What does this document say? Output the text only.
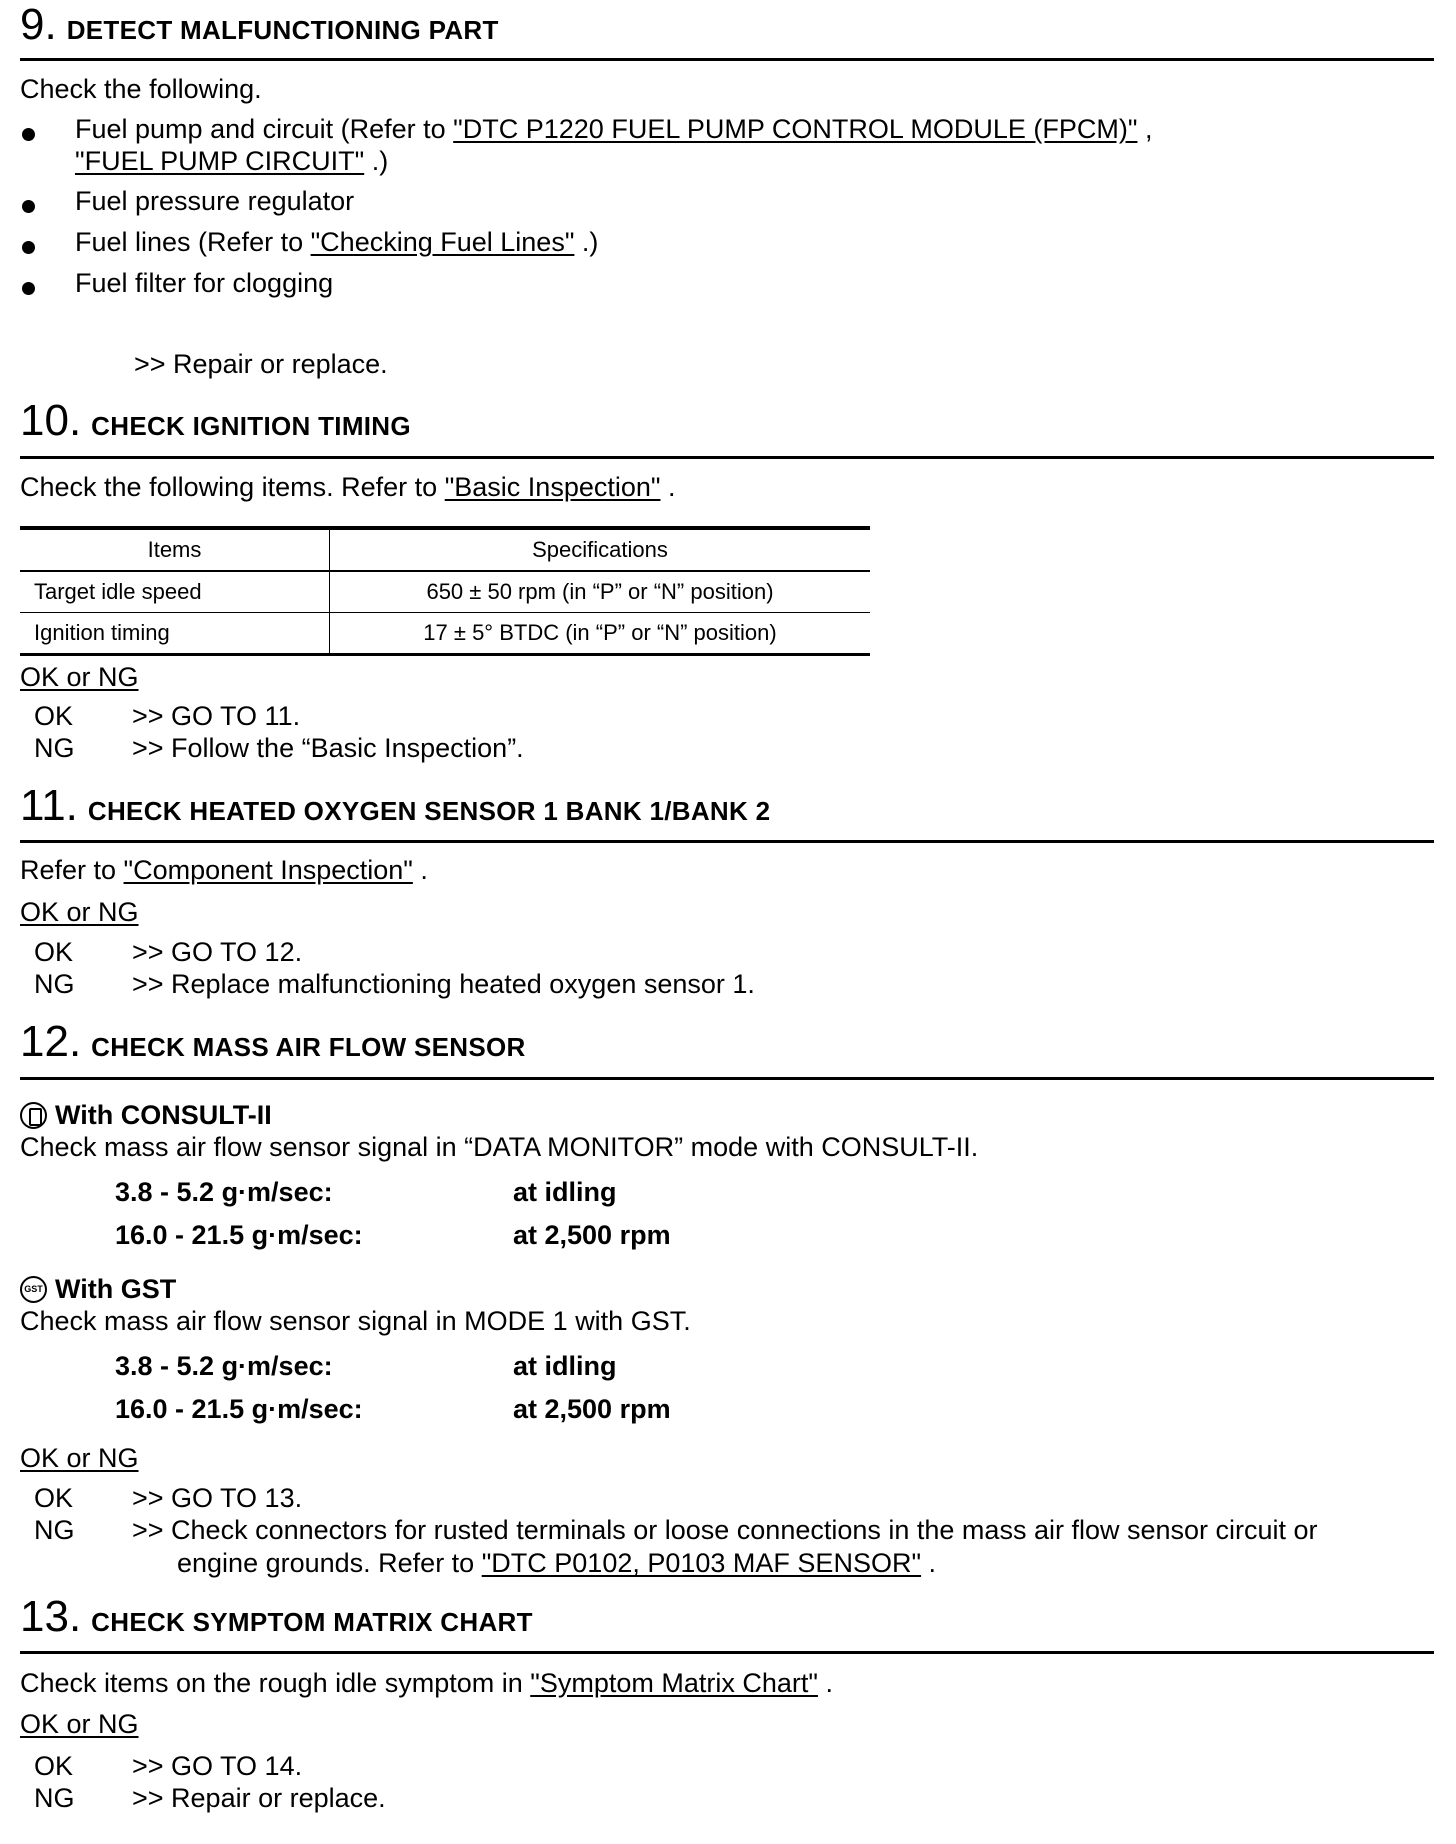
9. DETECT MALFUNCTIONING PART
Check the following.
Fuel pump and circuit (Refer to "DTC P1220 FUEL PUMP CONTROL MODULE (FPCM)" ,
"FUEL PUMP CIRCUIT" .)
Fuel pressure regulator
Fuel lines (Refer to "Checking Fuel Lines" .)
Fuel filter for clogging
>> Repair or replace.
10. CHECK IGNITION TIMING
Check the following items. Refer to "Basic Inspection" .
Items	Specifications
Target idle speed	650 ± 50 rpm (in “P” or “N” position)
Ignition timing	17 ± 5° BTDC (in “P” or “N” position)
OK or NG
OK >> GO TO 11.
NG >> Follow the “Basic Inspection”.
11. CHECK HEATED OXYGEN SENSOR 1 BANK 1/BANK 2
Refer to "Component Inspection" .
OK or NG
OK >> GO TO 12.
NG >> Replace malfunctioning heated oxygen sensor 1.
12. CHECK MASS AIR FLOW SENSOR
With CONSULT-II
Check mass air flow sensor signal in “DATA MONITOR” mode with CONSULT-II.
3.8 - 5.2 g·m/sec:	at idling
16.0 - 21.5 g·m/sec:	at 2,500 rpm
GST With GST
Check mass air flow sensor signal in MODE 1 with GST.
3.8 - 5.2 g·m/sec:	at idling
16.0 - 21.5 g·m/sec:	at 2,500 rpm
OK or NG
OK >> GO TO 13.
NG >> Check connectors for rusted terminals or loose connections in the mass air flow sensor circuit or
engine grounds. Refer to "DTC P0102, P0103 MAF SENSOR" .
13. CHECK SYMPTOM MATRIX CHART
Check items on the rough idle symptom in "Symptom Matrix Chart" .
OK or NG
OK >> GO TO 14.
NG >> Repair or replace.
